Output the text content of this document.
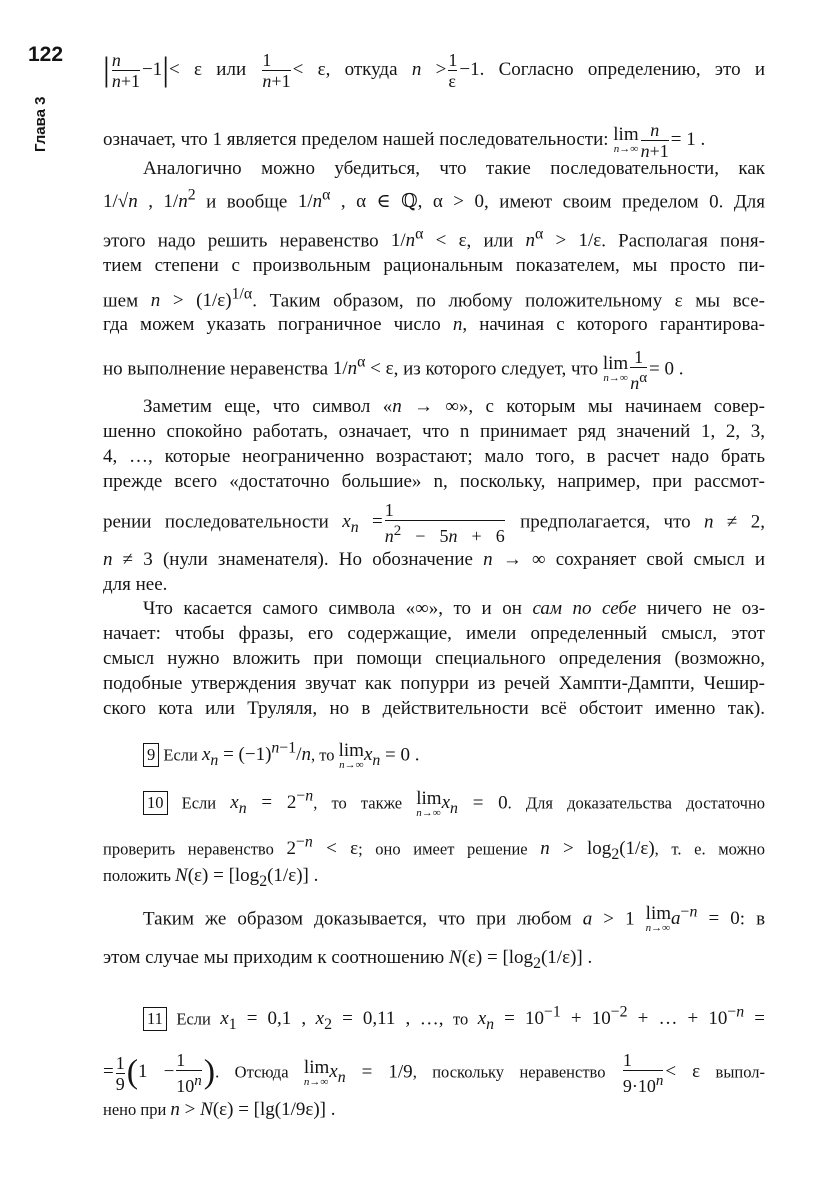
122
Глава 3
| $\frac{n}{n+1} -1|< \varepsilon$ или $\frac{1}{n+1} < \varepsilon$, откуда $n > \frac{1}{\varepsilon} -1$. Согласно определению, это и
означает, что 1 является пределом нашей последовательности: lim
$n\to\infty \frac{n}{n+1} = 1$ .
Аналогично можно убедиться, что такие последовательности, как
1/√n , $1/n^2$ и вообще $1/n^\alpha$ , α ∈ ℚ, α > 0, имеют своим пределом 0. Для
этого надо решить неравенство $1/n^\alpha < \varepsilon$, или $n^\alpha > 1/\varepsilon$. Располагая поня-
тием степени с произвольным рациональным показателем, мы просто пи-
шем $n > (1/\varepsilon)^{1/\alpha}$. Таким образом, по любому положительному ε мы все-
гда можем указать пограничное число n, начиная с которого гарантирова-
но выполнение неравенства $1/n^\alpha < \varepsilon$, из которого следует, что lim
$n\to\infty \frac{1}{n^\alpha} = 0$ .
Заметим еще, что символ «n → ∞», с которым мы начинаем совер-
шенно спокойно работать, означает, что n принимает ряд значений 1, 2, 3,
4, …, которые неограниченно возрастают; мало того, в расчет надо брать
прежде всего «достаточно большие» n, поскольку, например, при рассмот-
рении последовательности $x_n = \frac{1}{n^2 - 5n + 6}$ предполагается, что n ≠ 2,
n ≠ 3 (нули знаменателя). Но обозначение n → ∞ сохраняет свой смысл и
для нее.
Что касается самого символа «∞», то и он сам по себе ничего не оз-
начает: чтобы фразы, его содержащие, имели определенный смысл, этот
смысл нужно вложить при помощи специального определения (возможно,
подобные утверждения звучат как попурри из речей Хампти-Дампти, Чешир-
ского кота или Труляля, но в действительности всё обстоит именно так).
9 Если $x_n = (-1)^{n-1}/n$, то lim
n→∞ $x_n = 0$ .
10 Если $x_n = 2^{-n}$, то также lim
n→∞ $x_n = 0$. Для доказательства достаточно
проверить неравенство $2^{-n} < \varepsilon$; оно имеет решение $n > \log_2(1/\varepsilon)$, т. е. можно
положить $N(\varepsilon) = [\log_2(1/\varepsilon)]$ .
Таким же образом доказывается, что при любом a > 1 lim
n→∞ $a^{-n} = 0$: в
этом случае мы приходим к соотношению $N(\varepsilon) = [\log_2(1/\varepsilon)]$ .
11 Если $x_1 = 0,1$ , $x_2 = 0,11$ , …, то $x_n = 10^{-1} + 10^{-2}$ + … + $10^{-n}$ =
= $\frac{1}{9} (1 - \frac{1}{10^n}$ ). Отсюда lim
n→∞ $x_n = 1/9$, поскольку неравенство $\frac{1}{9\cdot 10^n} < \varepsilon$ выпол-
нено при n > N(ε) = [lg(1/9ε)] .
